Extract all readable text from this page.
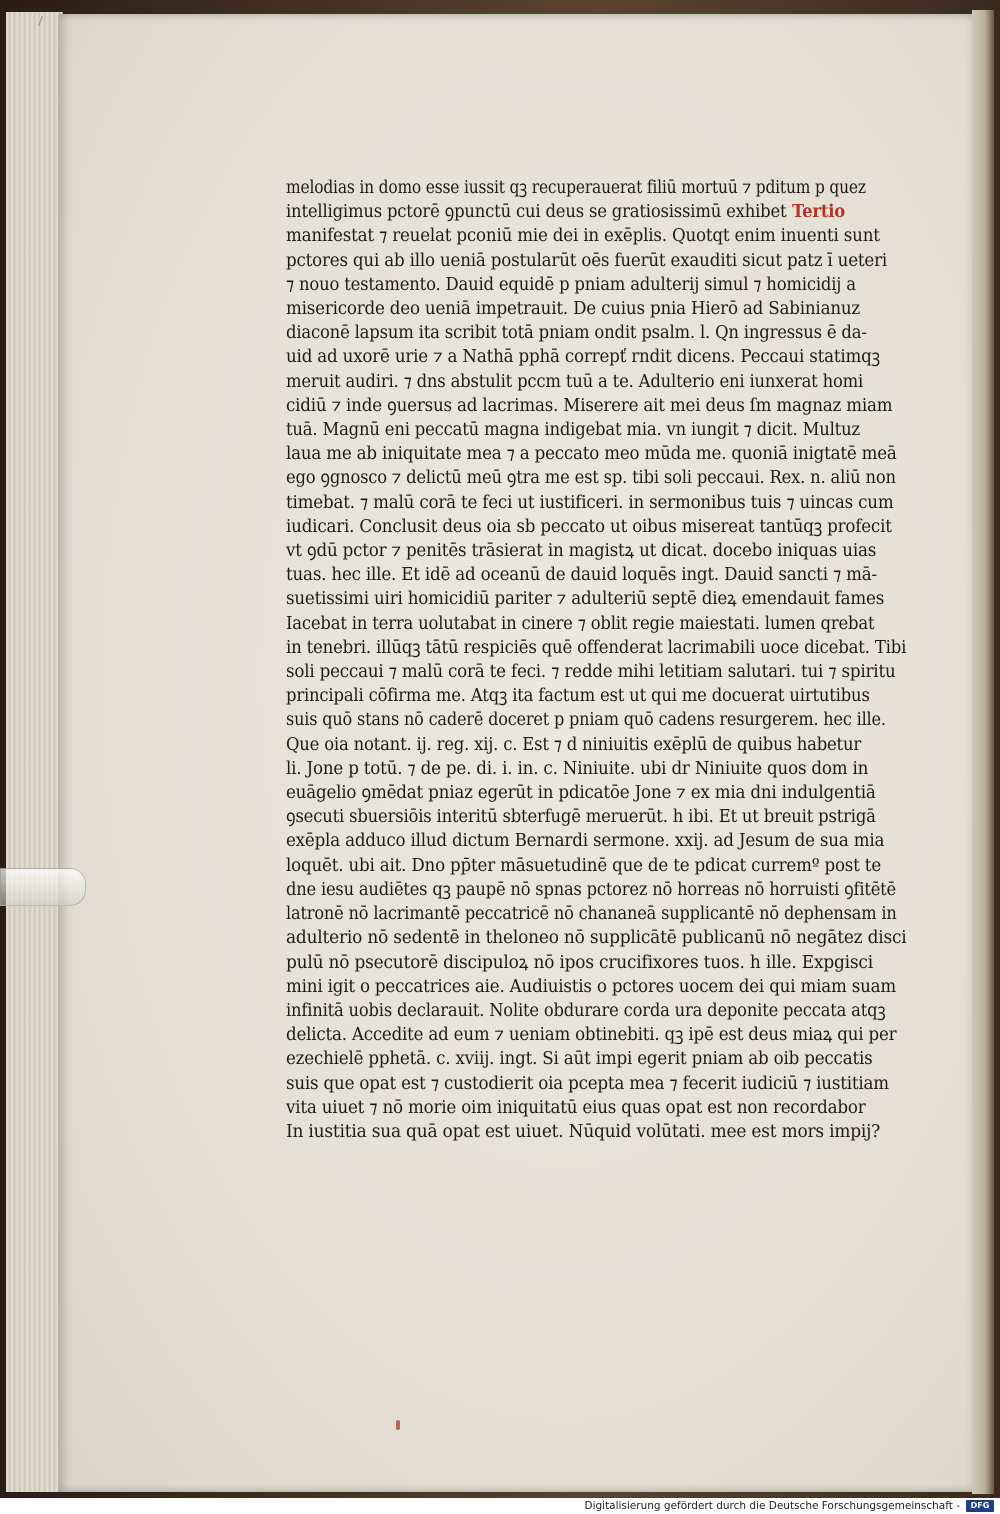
melodias in domo esse iussit qꝫ recuperauerat filiū mortuū ⁊ pditum p quez
intelligimus pctorē ꝯpunctū cui deus se gratiosissimū exhibet Tertio
manifestat ⁊ reuelat pconiū mie dei in exēplis. Quotqt enim inuenti sunt
pctores qui ab illo ueniā postularūt oēs fuerūt exauditi sicut patz ī ueteri
⁊ nouo testamento. Dauid equidē p pniam adulterij simul ⁊ homicidij a
misericorde deo ueniā impetrauit. De cuius pnia Hierō ad Sabinianuz
diaconē lapsum ita scribit totā pniam ondit psalm. l. Qn ingressus ē da-
uid ad uxorē urie ⁊ a Nathā pphā correpť rndit dicens. Peccaui statimqꝫ
meruit audiri. ⁊ dns abstulit pccm tuū a te. Adulterio eni iunxerat homi
cidiū ⁊ inde ꝯuersus ad lacrimas. Miserere ait mei deus ſm magnaz miam
tuā. Magnū eni peccatū magna indigebat mia. vn iungit ⁊ dicit. Multuz
laua me ab iniquitate mea ⁊ a peccato meo mūda me. quoniā inigtatē meā
ego ꝯgnosco ⁊ delictū meū ꝯtra me est sp. tibi soli peccaui. Rex. n. aliū non
timebat. ⁊ malū corā te feci ut iustificeri. in sermonibus tuis ⁊ uincas cum
iudicari. Conclusit deus oia sb peccato ut oibus misereat tantūqꝫ profecit
vt ꝯdū pctor ⁊ penitēs trāsierat in magistꝝ ut dicat. docebo iniquas uias
tuas. hec ille. Et idē ad oceanū de dauid loquēs ingt. Dauid sancti ⁊ mā-
suetissimi uiri homicidiū pariter ⁊ adulteriū septē dieꝝ emendauit fames
Iacebat in terra uolutabat in cinere ⁊ oblit regie maiestati. lumen qrebat
in tenebri. illūqꝫ tātū respiciēs quē offenderat lacrimabili uoce dicebat. Tibi
soli peccaui ⁊ malū corā te feci. ⁊ redde mihi letitiam salutari. tui ⁊ spiritu
principali cōfirma me. Atqꝫ ita factum est ut qui me docuerat uirtutibus
suis quō stans nō caderē doceret p pniam quō cadens resurgerem. hec ille.
Que oia notant. ij. reg. xij. c. Est ⁊ d niniuitis exēplū de quibus habetur
li. Jone p totū. ⁊ de pe. di. i. in. c. Niniuite. ubi dr Niniuite quos dom in
euāgelio ꝯmēdat pniaz egerūt in pdicatōe Jone ⁊ ex mia dni indulgentiā
ꝯsecuti sbuersiōis interitū sbterfugē meruerūt. h ibi. Et ut breuit pstrigā
exēpla adduco illud dictum Bernardi sermone. xxij. ad Jesum de sua mia
loquēt. ubi ait. Dno pp̄ter māsuetudinē que de te pdicat curremº post te
dne iesu audiētes qꝫ paupē nō spnas pctorez nō horreas nō horruisti ꝯfitētē
latronē nō lacrimantē peccatricē nō chananeā supplicantē nō dephensam in
adulterio nō sedentē in theloneo nō supplicātē publicanū nō negātez disci
pulū nō psecutorē discipuloꝝ nō ipos crucifixores tuos. h ille. Expgisci
mini igit o peccatrices aie. Audiuistis o pctores uocem dei qui miam suam
infinitā uobis declarauit. Nolite obdurare corda ura deponite peccata atqꝫ
delicta. Accedite ad eum ⁊ ueniam obtinebiti. qꝫ ipē est deus miaꝝ qui per
ezechielē pphetā. c. xviij. ingt. Si aūt impi egerit pniam ab oib peccatis
suis que opat est ⁊ custodierit oia pcepta mea ⁊ fecerit iudiciū ⁊ iustitiam
vita uiuet ⁊ nō morie oim iniquitatū eius quas opat est non recordabor
In iustitia sua quā opat est uiuet. Nūquid volūtati. mee est mors impij?
Digitalisierung gefördert durch die Deutsche Forschungsgemeinschaft -	DFG
